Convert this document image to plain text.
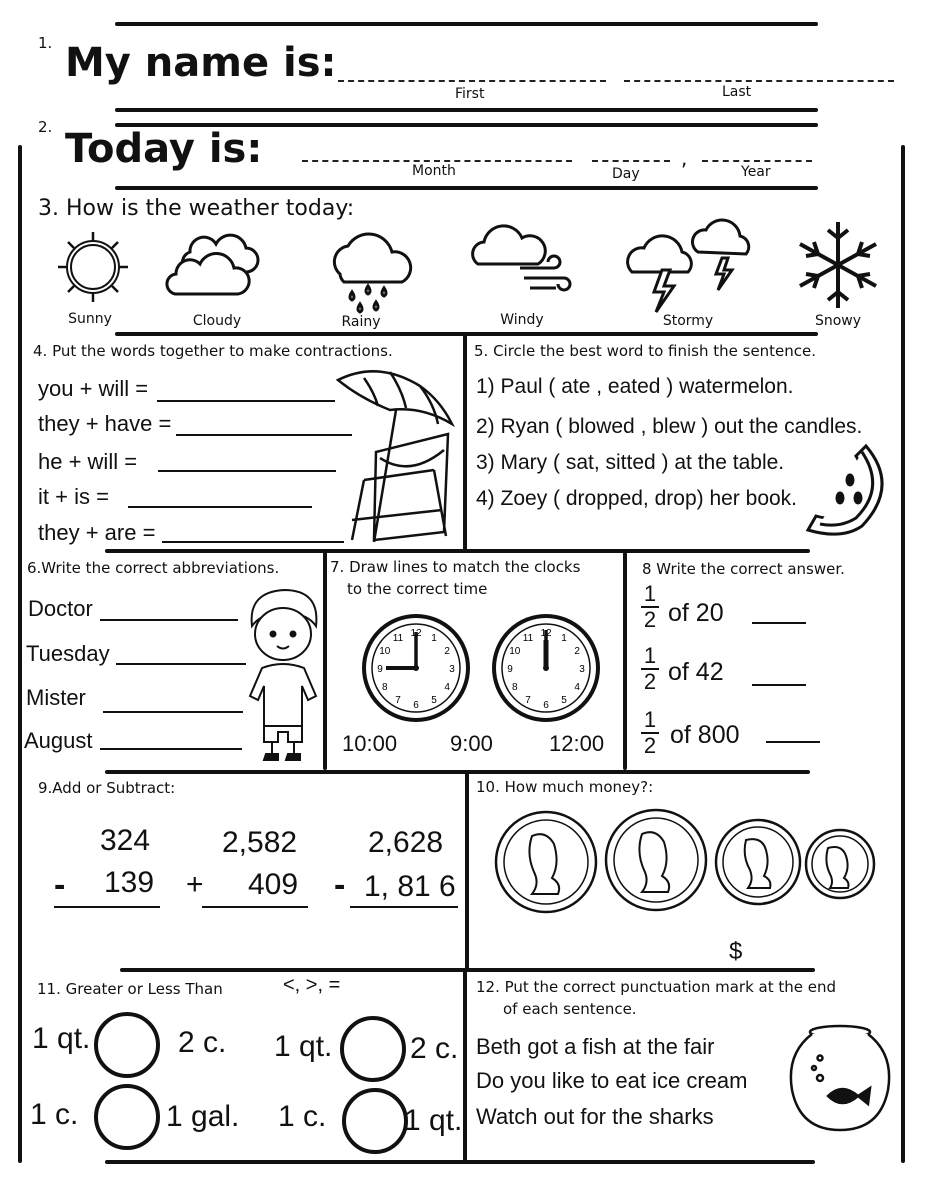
1. My name is:
First	Last
2. Today is:	,
Month	Day	Year
3. How is the weather today:
Sunny	Cloudy	Rainy	Windy	Stormy	Snowy
4. Put the words together to make contractions.
you + will =
they + have =
he + will =
it + is =
they + are =
5. Circle the best word to finish the sentence.
1) Paul ( ate , eated ) watermelon.
2) Ryan ( blowed , blew ) out the candles.
3) Mary ( sat, sitted ) at the table.
4) Zoey ( dropped, drop) her book.
6.Write the correct abbreviations.
Doctor
Tuesday
Mister
August
7. Draw lines to match the clocks
to the correct time
12 1
2
3
4
5
6
7
8
9
10
11	12 1
2
3
4
5
6
7
8
9
10
11
10:00 9:00	12:00
8 Write the correct answer.
$\frac{1}{2}$ of 20
$\frac{1}{2}$ of 42
$\frac{1}{2}$ of 800
9.Add or Subtract:
324
- 139
2,582
+ 409
2,628
- 1, 81 6
10. How much money?:
$
11. Greater or Less Than	<, >, =
1 qt.	2 c. 1 qt.	2 c.
1 c.	1 gal. 1 c.	1 qt.
12. Put the correct punctuation mark at the end
of each sentence.
Beth got a fish at the fair
Do you like to eat ice cream
Watch out for the sharks
